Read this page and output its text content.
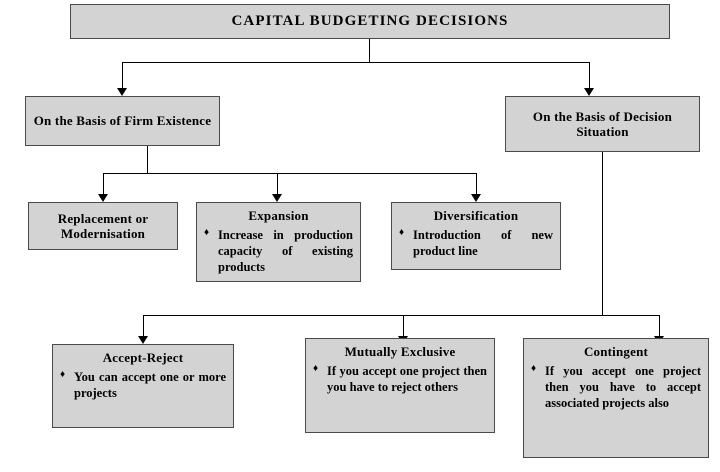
CAPITAL BUDGETING DECISIONS
On the Basis of Firm Existence	On the Basis of Decision Situation
Replacement or Modernisation
Expansion
♦ Increase in production capacity of existing products
Diversification
♦ Introduction of new product line
Accept-Reject
♦ You can accept one or more projects
Mutually Exclusive
♦ If you accept one project then you have to reject others
Contingent
♦ If you accept one project then you have to accept associated projects also
